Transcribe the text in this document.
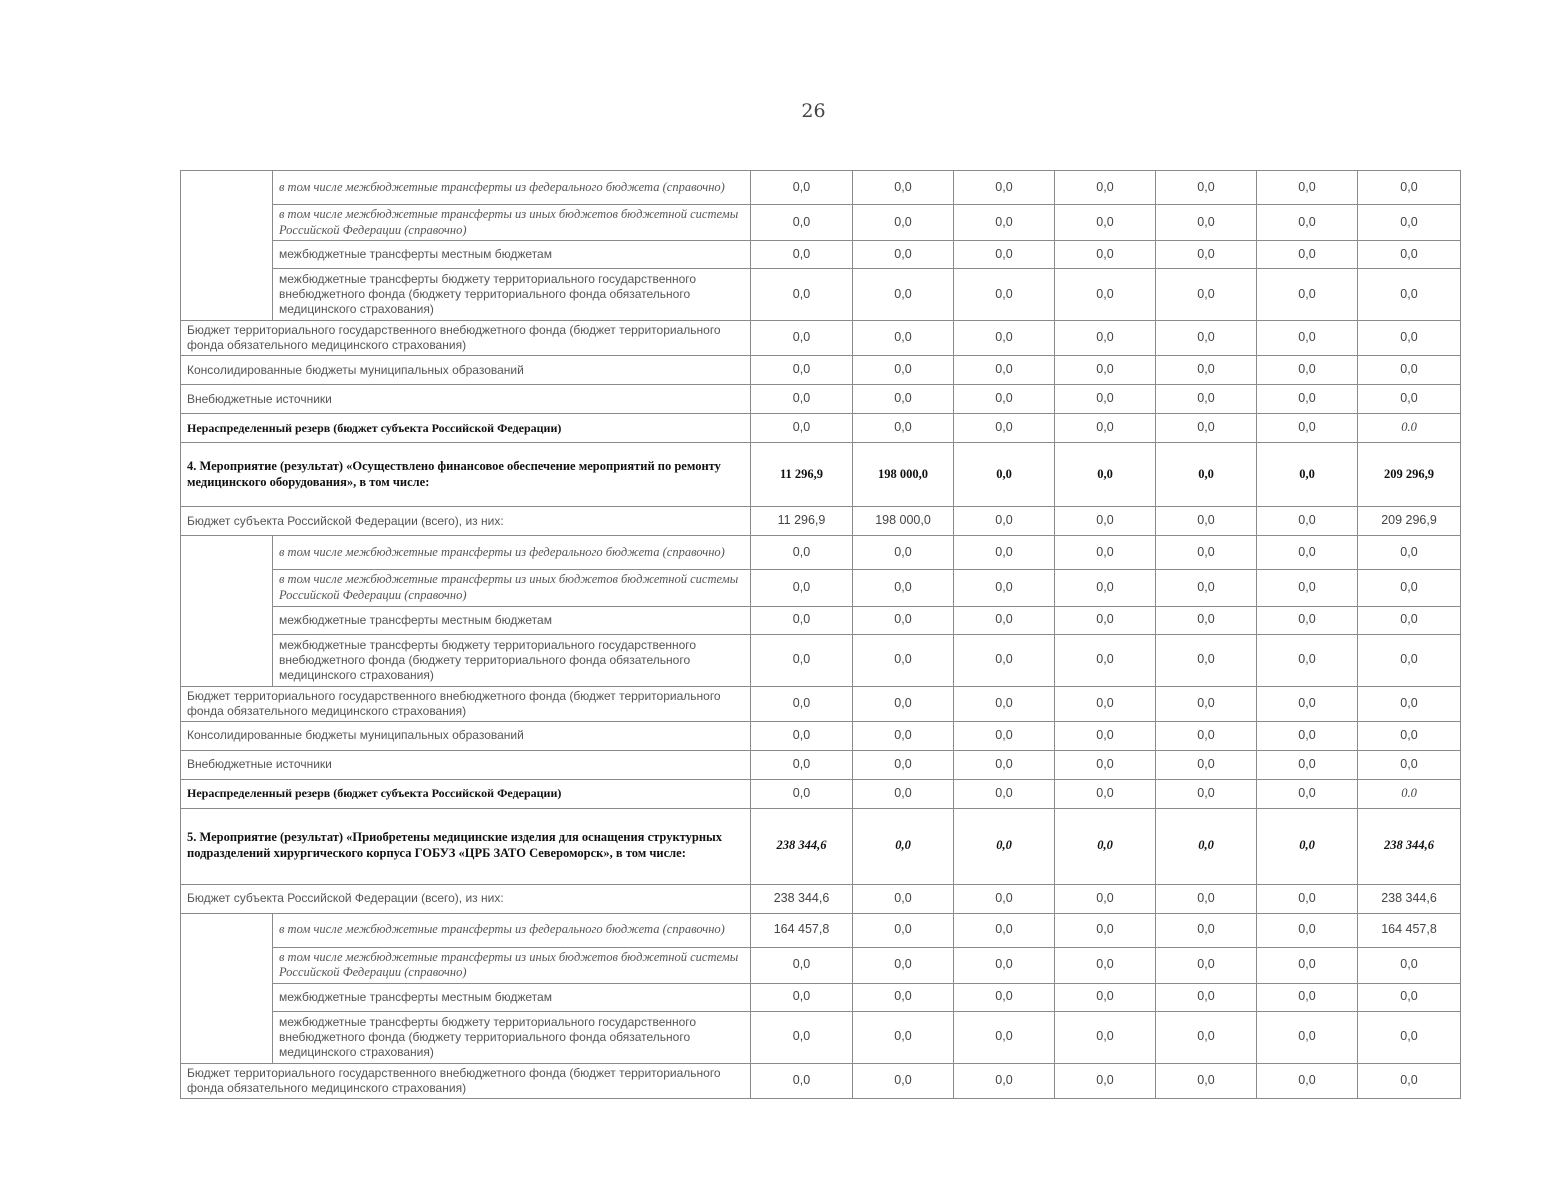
26
	в том числе межбюджетные трансферты из федерального бюджета (справочно)	0,0	0,0	0,0	0,0	0,0	0,0	0,0
	в том числе межбюджетные трансферты из иных бюджетов бюджетной системы Российской Федерации (справочно)	0,0	0,0	0,0	0,0	0,0	0,0	0,0
	межбюджетные трансферты местным бюджетам	0,0	0,0	0,0	0,0	0,0	0,0	0,0
	межбюджетные трансферты бюджету территориального государственного внебюджетного фонда (бюджету территориального фонда обязательного медицинского страхования)	0,0	0,0	0,0	0,0	0,0	0,0	0,0
Бюджет территориального государственного внебюджетного фонда (бюджет территориального фонда обязательного медицинского страхования)		0,0	0,0	0,0	0,0	0,0	0,0	0,0
Консолидированные бюджеты муниципальных образований		0,0	0,0	0,0	0,0	0,0	0,0	0,0
Внебюджетные источники		0,0	0,0	0,0	0,0	0,0	0,0	0,0
Нераспределенный резерв (бюджет субъекта Российской Федерации)		0,0	0,0	0,0	0,0	0,0	0,0	0.0
4. Мероприятие (результат) «Осуществлено финансовое обеспечение мероприятий по ремонту медицинского оборудования», в том числе:		11 296,9	198 000,0	0,0	0,0	0,0	0,0	209 296,9
Бюджет субъекта Российской Федерации (всего), из них:		11 296,9	198 000,0	0,0	0,0	0,0	0,0	209 296,9
	в том числе межбюджетные трансферты из федерального бюджета (справочно)	0,0	0,0	0,0	0,0	0,0	0,0	0,0
	в том числе межбюджетные трансферты из иных бюджетов бюджетной системы Российской Федерации (справочно)	0,0	0,0	0,0	0,0	0,0	0,0	0,0
	межбюджетные трансферты местным бюджетам	0,0	0,0	0,0	0,0	0,0	0,0	0,0
	межбюджетные трансферты бюджету территориального государственного внебюджетного фонда (бюджету территориального фонда обязательного медицинского страхования)	0,0	0,0	0,0	0,0	0,0	0,0	0,0
Бюджет территориального государственного внебюджетного фонда (бюджет территориального фонда обязательного медицинского страхования)		0,0	0,0	0,0	0,0	0,0	0,0	0,0
Консолидированные бюджеты муниципальных образований		0,0	0,0	0,0	0,0	0,0	0,0	0,0
Внебюджетные источники		0,0	0,0	0,0	0,0	0,0	0,0	0,0
Нераспределенный резерв (бюджет субъекта Российской Федерации)		0,0	0,0	0,0	0,0	0,0	0,0	0.0
5. Мероприятие (результат) «Приобретены медицинские изделия для оснащения структурных подразделений хирургического корпуса ГОБУЗ «ЦРБ ЗАТО Североморск», в том числе:		238 344,6	0,0	0,0	0,0	0,0	0,0	238 344,6
Бюджет субъекта Российской Федерации (всего), из них:		238 344,6	0,0	0,0	0,0	0,0	0,0	238 344,6
	в том числе межбюджетные трансферты из федерального бюджета (справочно)	164 457,8	0,0	0,0	0,0	0,0	0,0	164 457,8
	в том числе межбюджетные трансферты из иных бюджетов бюджетной системы Российской Федерации (справочно)	0,0	0,0	0,0	0,0	0,0	0,0	0,0
	межбюджетные трансферты местным бюджетам	0,0	0,0	0,0	0,0	0,0	0,0	0,0
	межбюджетные трансферты бюджету территориального государственного внебюджетного фонда (бюджету территориального фонда обязательного медицинского страхования)	0,0	0,0	0,0	0,0	0,0	0,0	0,0
Бюджет территориального государственного внебюджетного фонда (бюджет территориального фонда обязательного медицинского страхования)		0,0	0,0	0,0	0,0	0,0	0,0	0,0
